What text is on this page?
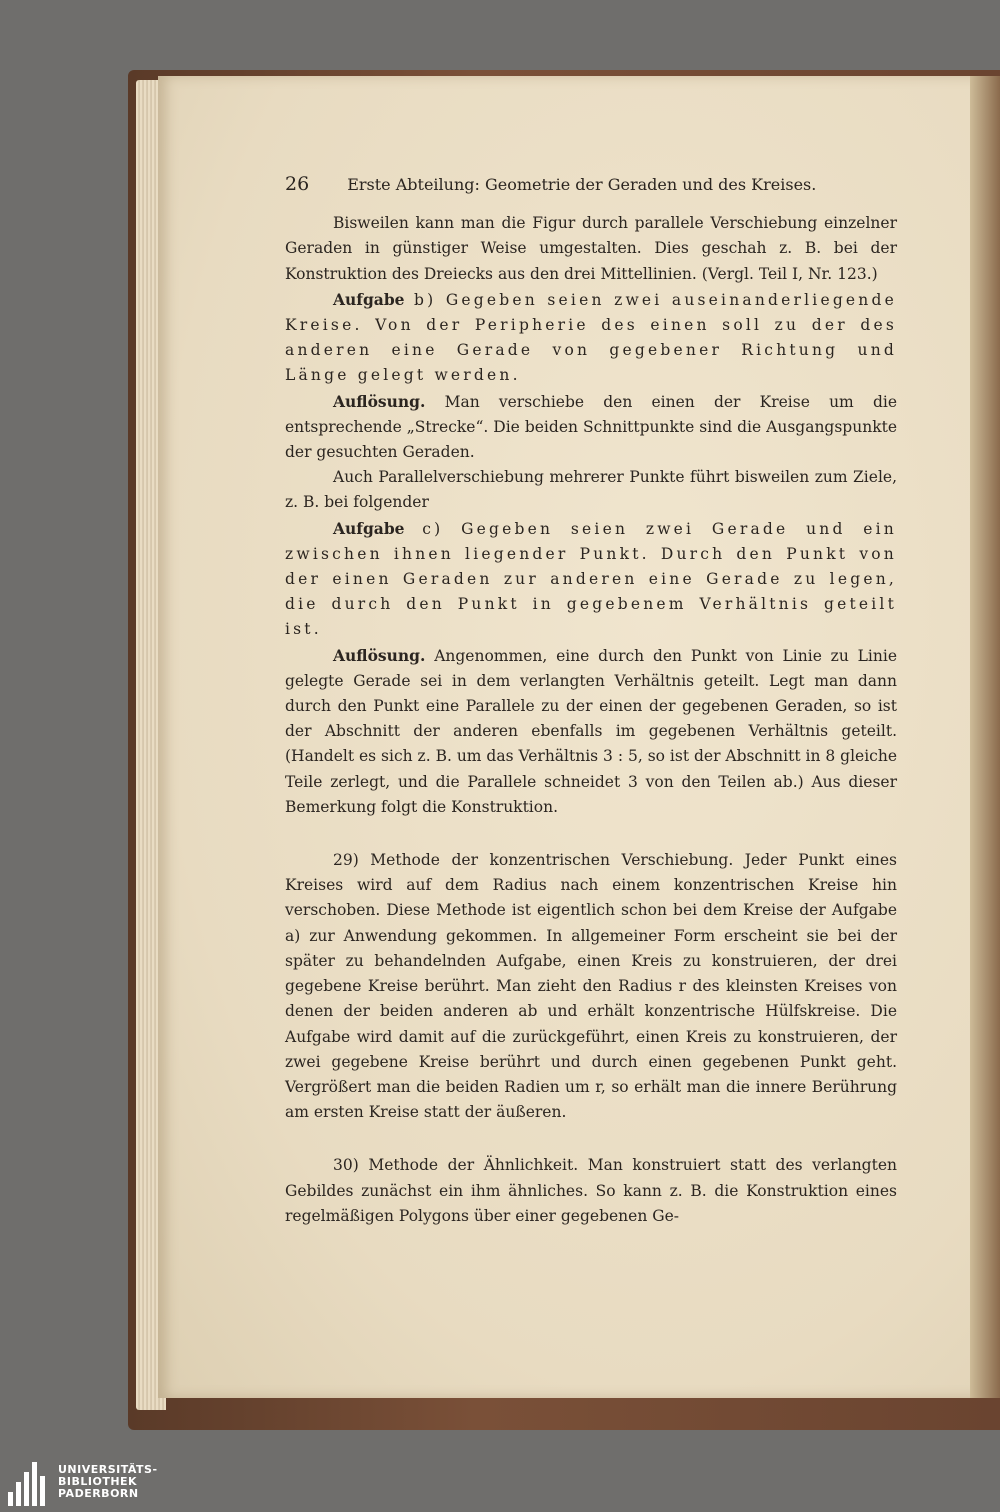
26 Erste Abteilung: Geometrie der Geraden und des Kreises.

Bisweilen kann man die Figur durch parallele Verschiebung einzelner Geraden in günstiger Weise umgestalten. Dies geschah z. B. bei der Konstruktion des Dreiecks aus den drei Mittellinien. (Vergl. Teil I, Nr. 123.)

Aufgabe b) Gegeben seien zwei auseinanderliegende Kreise. Von der Peripherie des einen soll zu der des anderen eine Gerade von gegebener Richtung und Länge gelegt werden.

Auflösung. Man verschiebe den einen der Kreise um die entsprechende „Strecke“. Die beiden Schnittpunkte sind die Ausgangspunkte der gesuchten Geraden.

Auch Parallelverschiebung mehrerer Punkte führt bisweilen zum Ziele, z. B. bei folgender

Aufgabe c) Gegeben seien zwei Gerade und ein zwischen ihnen liegender Punkt. Durch den Punkt von der einen Geraden zur anderen eine Gerade zu legen, die durch den Punkt in gegebenem Verhältnis geteilt ist.

Auflösung. Angenommen, eine durch den Punkt von Linie zu Linie gelegte Gerade sei in dem verlangten Verhältnis geteilt. Legt man dann durch den Punkt eine Parallele zu der einen der gegebenen Geraden, so ist der Abschnitt der anderen ebenfalls im gegebenen Verhältnis geteilt. (Handelt es sich z. B. um das Verhältnis 3 : 5, so ist der Abschnitt in 8 gleiche Teile zerlegt, und die Parallele schneidet 3 von den Teilen ab.) Aus dieser Bemerkung folgt die Konstruktion.

29) Methode der konzentrischen Verschiebung. Jeder Punkt eines Kreises wird auf dem Radius nach einem konzentrischen Kreise hin verschoben. Diese Methode ist eigentlich schon bei dem Kreise der Aufgabe a) zur Anwendung gekommen. In allgemeiner Form erscheint sie bei der später zu behandelnden Aufgabe, einen Kreis zu konstruieren, der drei gegebene Kreise berührt. Man zieht den Radius r des kleinsten Kreises von denen der beiden anderen ab und erhält konzentrische Hülfskreise. Die Aufgabe wird damit auf die zurückgeführt, einen Kreis zu konstruieren, der zwei gegebene Kreise berührt und durch einen gegebenen Punkt geht. Vergrößert man die beiden Radien um r, so erhält man die innere Berührung am ersten Kreise statt der äußeren.

30) Methode der Ähnlichkeit. Man konstruiert statt des verlangten Gebildes zunächst ein ihm ähnliches. So kann z. B. die Konstruktion eines regelmäßigen Polygons über einer gegebenen Ge-

UNIVERSITÄTS-
BIBLIOTHEK
PADERBORN
